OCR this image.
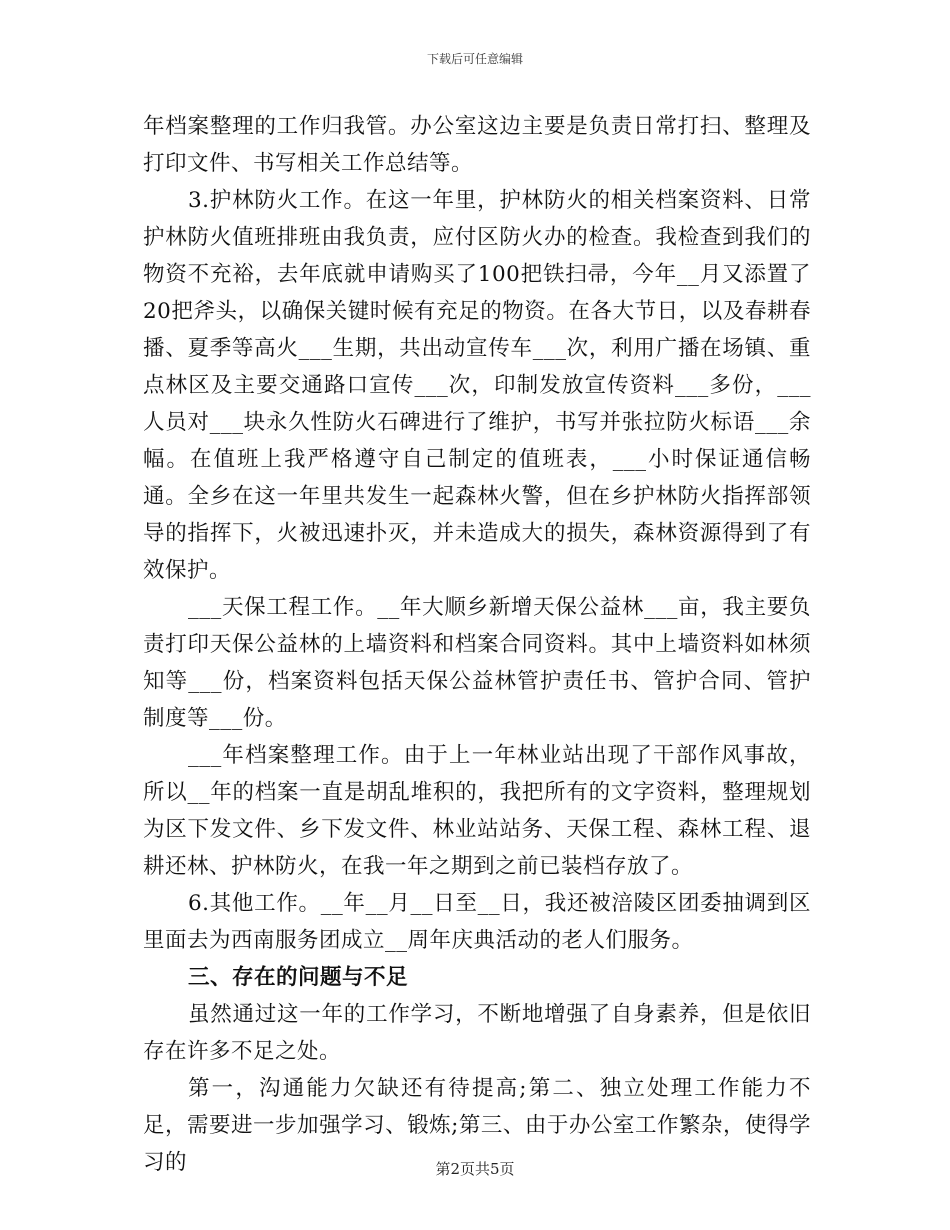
下载后可任意编辑

年档案整理的工作归我管。办公室这边主要是负责日常打扫、整理及打印文件、书写相关工作总结等。

3.护林防火工作。在这一年里，护林防火的相关档案资料、日常护林防火值班排班由我负责，应付区防火办的检查。我检查到我们的物资不充裕，去年底就申请购买了100把铁扫帚，今年__月又添置了20把斧头，以确保关键时候有充足的物资。在各大节日，以及春耕春播、夏季等高火___生期，共出动宣传车___次，利用广播在场镇、重点林区及主要交通路口宣传___次，印制发放宣传资料___多份，___人员对___块永久性防火石碑进行了维护，书写并张拉防火标语___余幅。在值班上我严格遵守自己制定的值班表，___小时保证通信畅通。全乡在这一年里共发生一起森林火警，但在乡护林防火指挥部领导的指挥下，火被迅速扑灭，并未造成大的损失，森林资源得到了有效保护。

___天保工程工作。__年大顺乡新增天保公益林___亩，我主要负责打印天保公益林的上墙资料和档案合同资料。其中上墙资料如林须知等___份，档案资料包括天保公益林管护责任书、管护合同、管护制度等___份。

___年档案整理工作。由于上一年林业站出现了干部作风事故，所以__年的档案一直是胡乱堆积的，我把所有的文字资料，整理规划为区下发文件、乡下发文件、林业站站务、天保工程、森林工程、退耕还林、护林防火，在我一年之期到之前已装档存放了。

6.其他工作。__年__月__日至__日，我还被涪陵区团委抽调到区里面去为西南服务团成立__周年庆典活动的老人们服务。

三、存在的问题与不足

虽然通过这一年的工作学习，不断地增强了自身素养，但是依旧存在许多不足之处。

第一，沟通能力欠缺还有待提高;第二、独立处理工作能力不足，需要进一步加强学习、锻炼;第三、由于办公室工作繁杂，使得学习的	第2页共5页
